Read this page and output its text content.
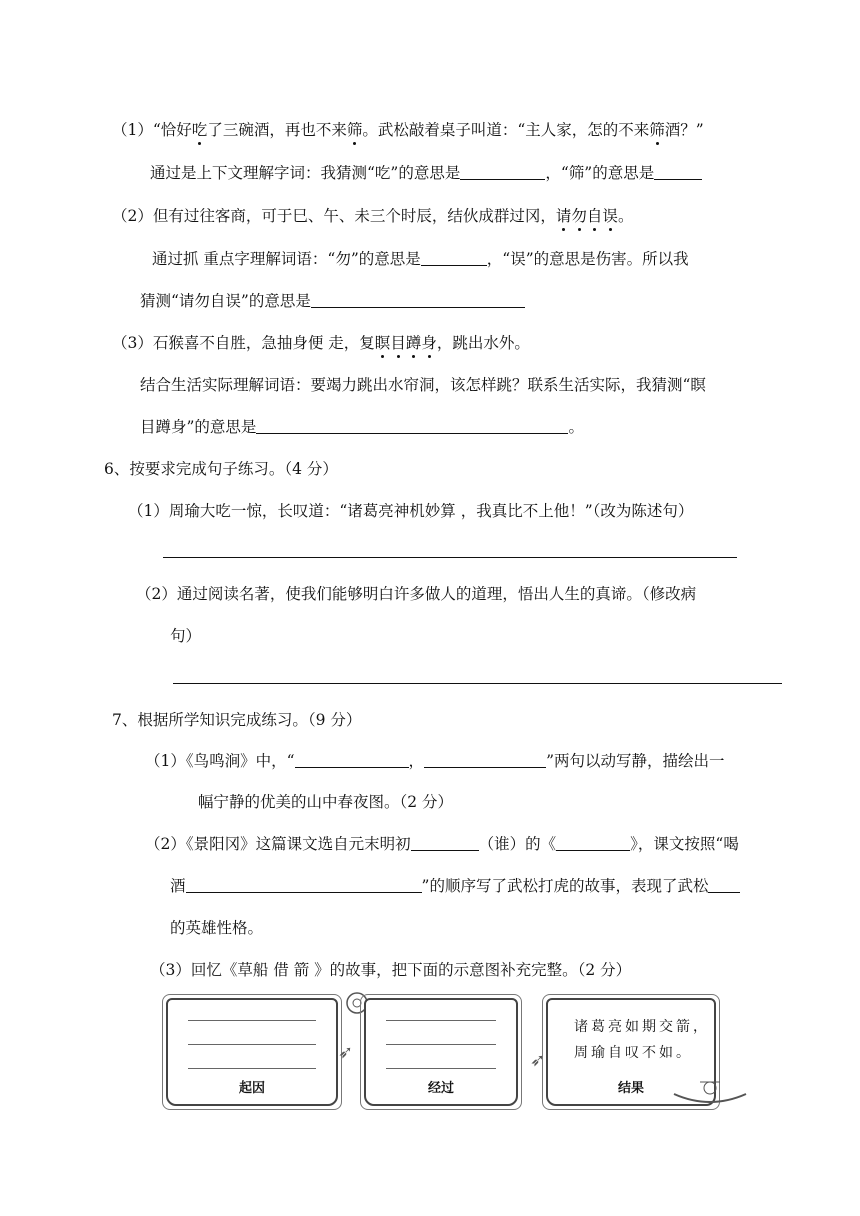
（1）“恰好吃了三碗酒，再也不来筛。武松敲着桌子叫道：“主人家，怎的不来筛酒？”
通过是上下文理解字词：我猜测“吃”的意思是	，“筛”的意思是
（2）但有过往客商，可于巳、午、未三个时辰，结伙成群过冈，请勿自误。
通过抓 重点字理解词语：“勿”的意思是	，“误”的意思是伤害。所以我
猜测“请勿自误”的意思是
（3）石猴喜不自胜，急抽身便 走，复瞑目蹲身，跳出水外。
结合生活实际理解词语：要竭力跳出水帘洞，该怎样跳？联系生活实际，我猜测“瞑
目蹲身”的意思是	。
6、按要求完成句子练习。（4 分）
（1）周瑜大吃一惊，长叹道：“诸葛亮神机妙算 ，我真比不上他！”（改为陈述句）
（2）通过阅读名著，使我们能够明白许多做人的道理，悟出人生的真谛。（修改病
句）
7、根据所学知识完成练习。（9 分）
（1）《鸟鸣涧》中，“	，	”两句以动写静，描绘出一
幅宁静的优美的山中春夜图。（2 分）
（2）《景阳冈》这篇课文选自元末明初	（谁）的《	》，课文按照“喝
酒	”的顺序写了武松打虎的故事，表现了武松
的英雄性格。
（3）回忆《草船 借 箭 》的故事，把下面的示意图补充完整。（2 分）
起因
➶
经过
➶
诸葛亮如期交箭，周瑜自叹不如。
结果
